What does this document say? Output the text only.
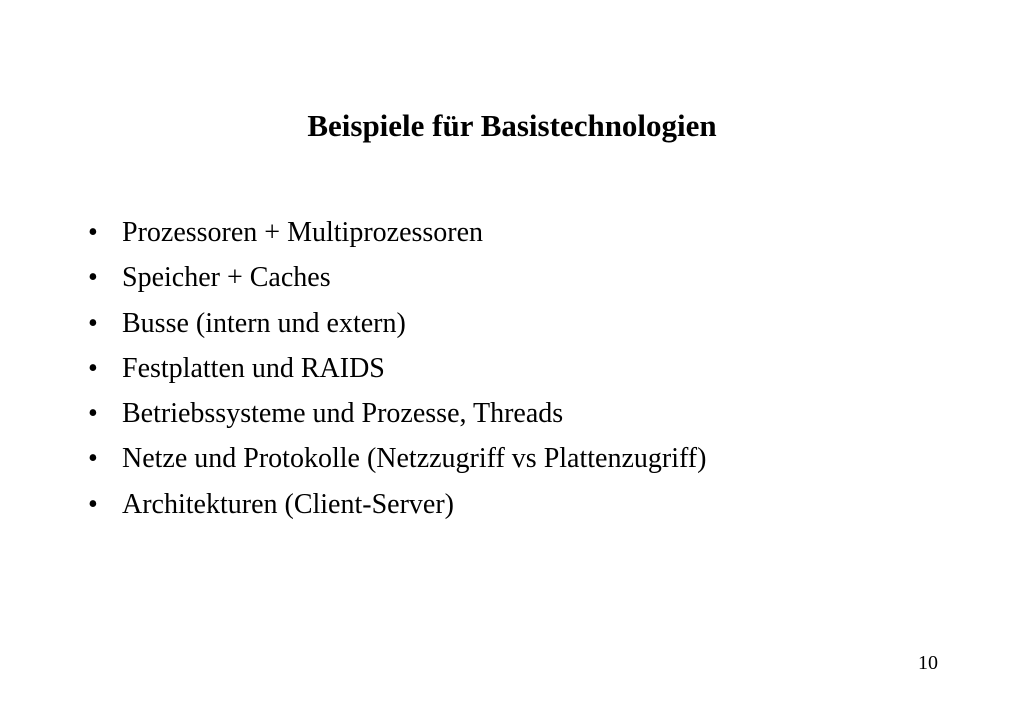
Beispiele für Basistechnologien
• Prozessoren + Multiprozessoren
• Speicher + Caches
• Busse (intern und extern)
• Festplatten und RAIDS
• Betriebssysteme und Prozesse, Threads
• Netze und Protokolle (Netzzugriff vs Plattenzugriff)
• Architekturen (Client-Server)
10
